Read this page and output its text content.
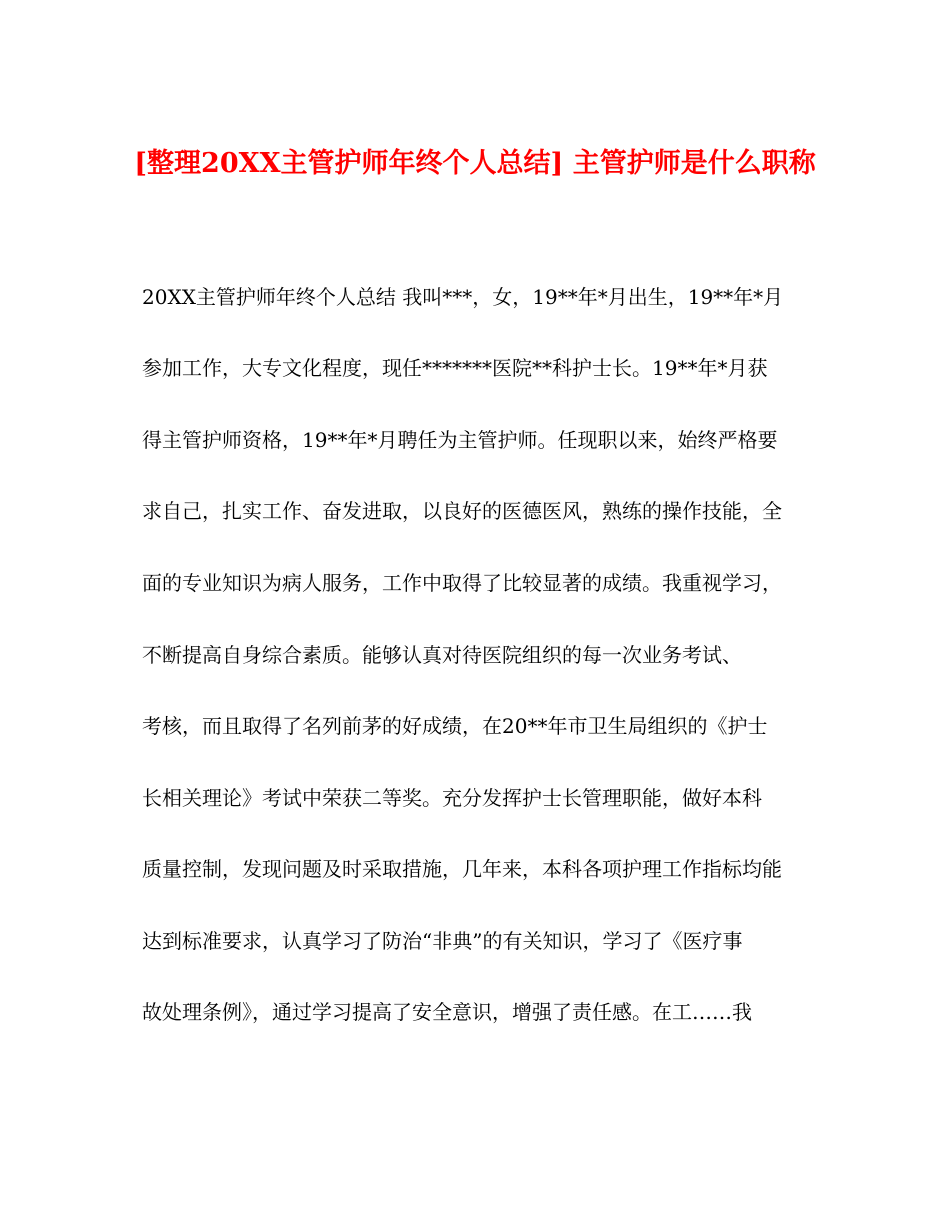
[整理20XX主管护师年终个人总结] 主管护师是什么职称

20XX主管护师年终个人总结 我叫***，女，19**年*月出生，19**年*月

参加工作，大专文化程度，现任*******医院**科护士长。19**年*月获

得主管护师资格，19**年*月聘任为主管护师。任现职以来，始终严格要

求自己，扎实工作、奋发进取，以良好的医德医风，熟练的操作技能，全

面的专业知识为病人服务，工作中取得了比较显著的成绩。我重视学习，

不断提高自身综合素质。能够认真对待医院组织的每一次业务考试、

考核，而且取得了名列前茅的好成绩，在20**年市卫生局组织的《护士

长相关理论》考试中荣获二等奖。充分发挥护士长管理职能，做好本科

质量控制，发现问题及时采取措施，几年来，本科各项护理工作指标均能

达到标准要求，认真学习了防治“非典”的有关知识，学习了《医疗事

故处理条例》，通过学习提高了安全意识，增强了责任感。在工……我
